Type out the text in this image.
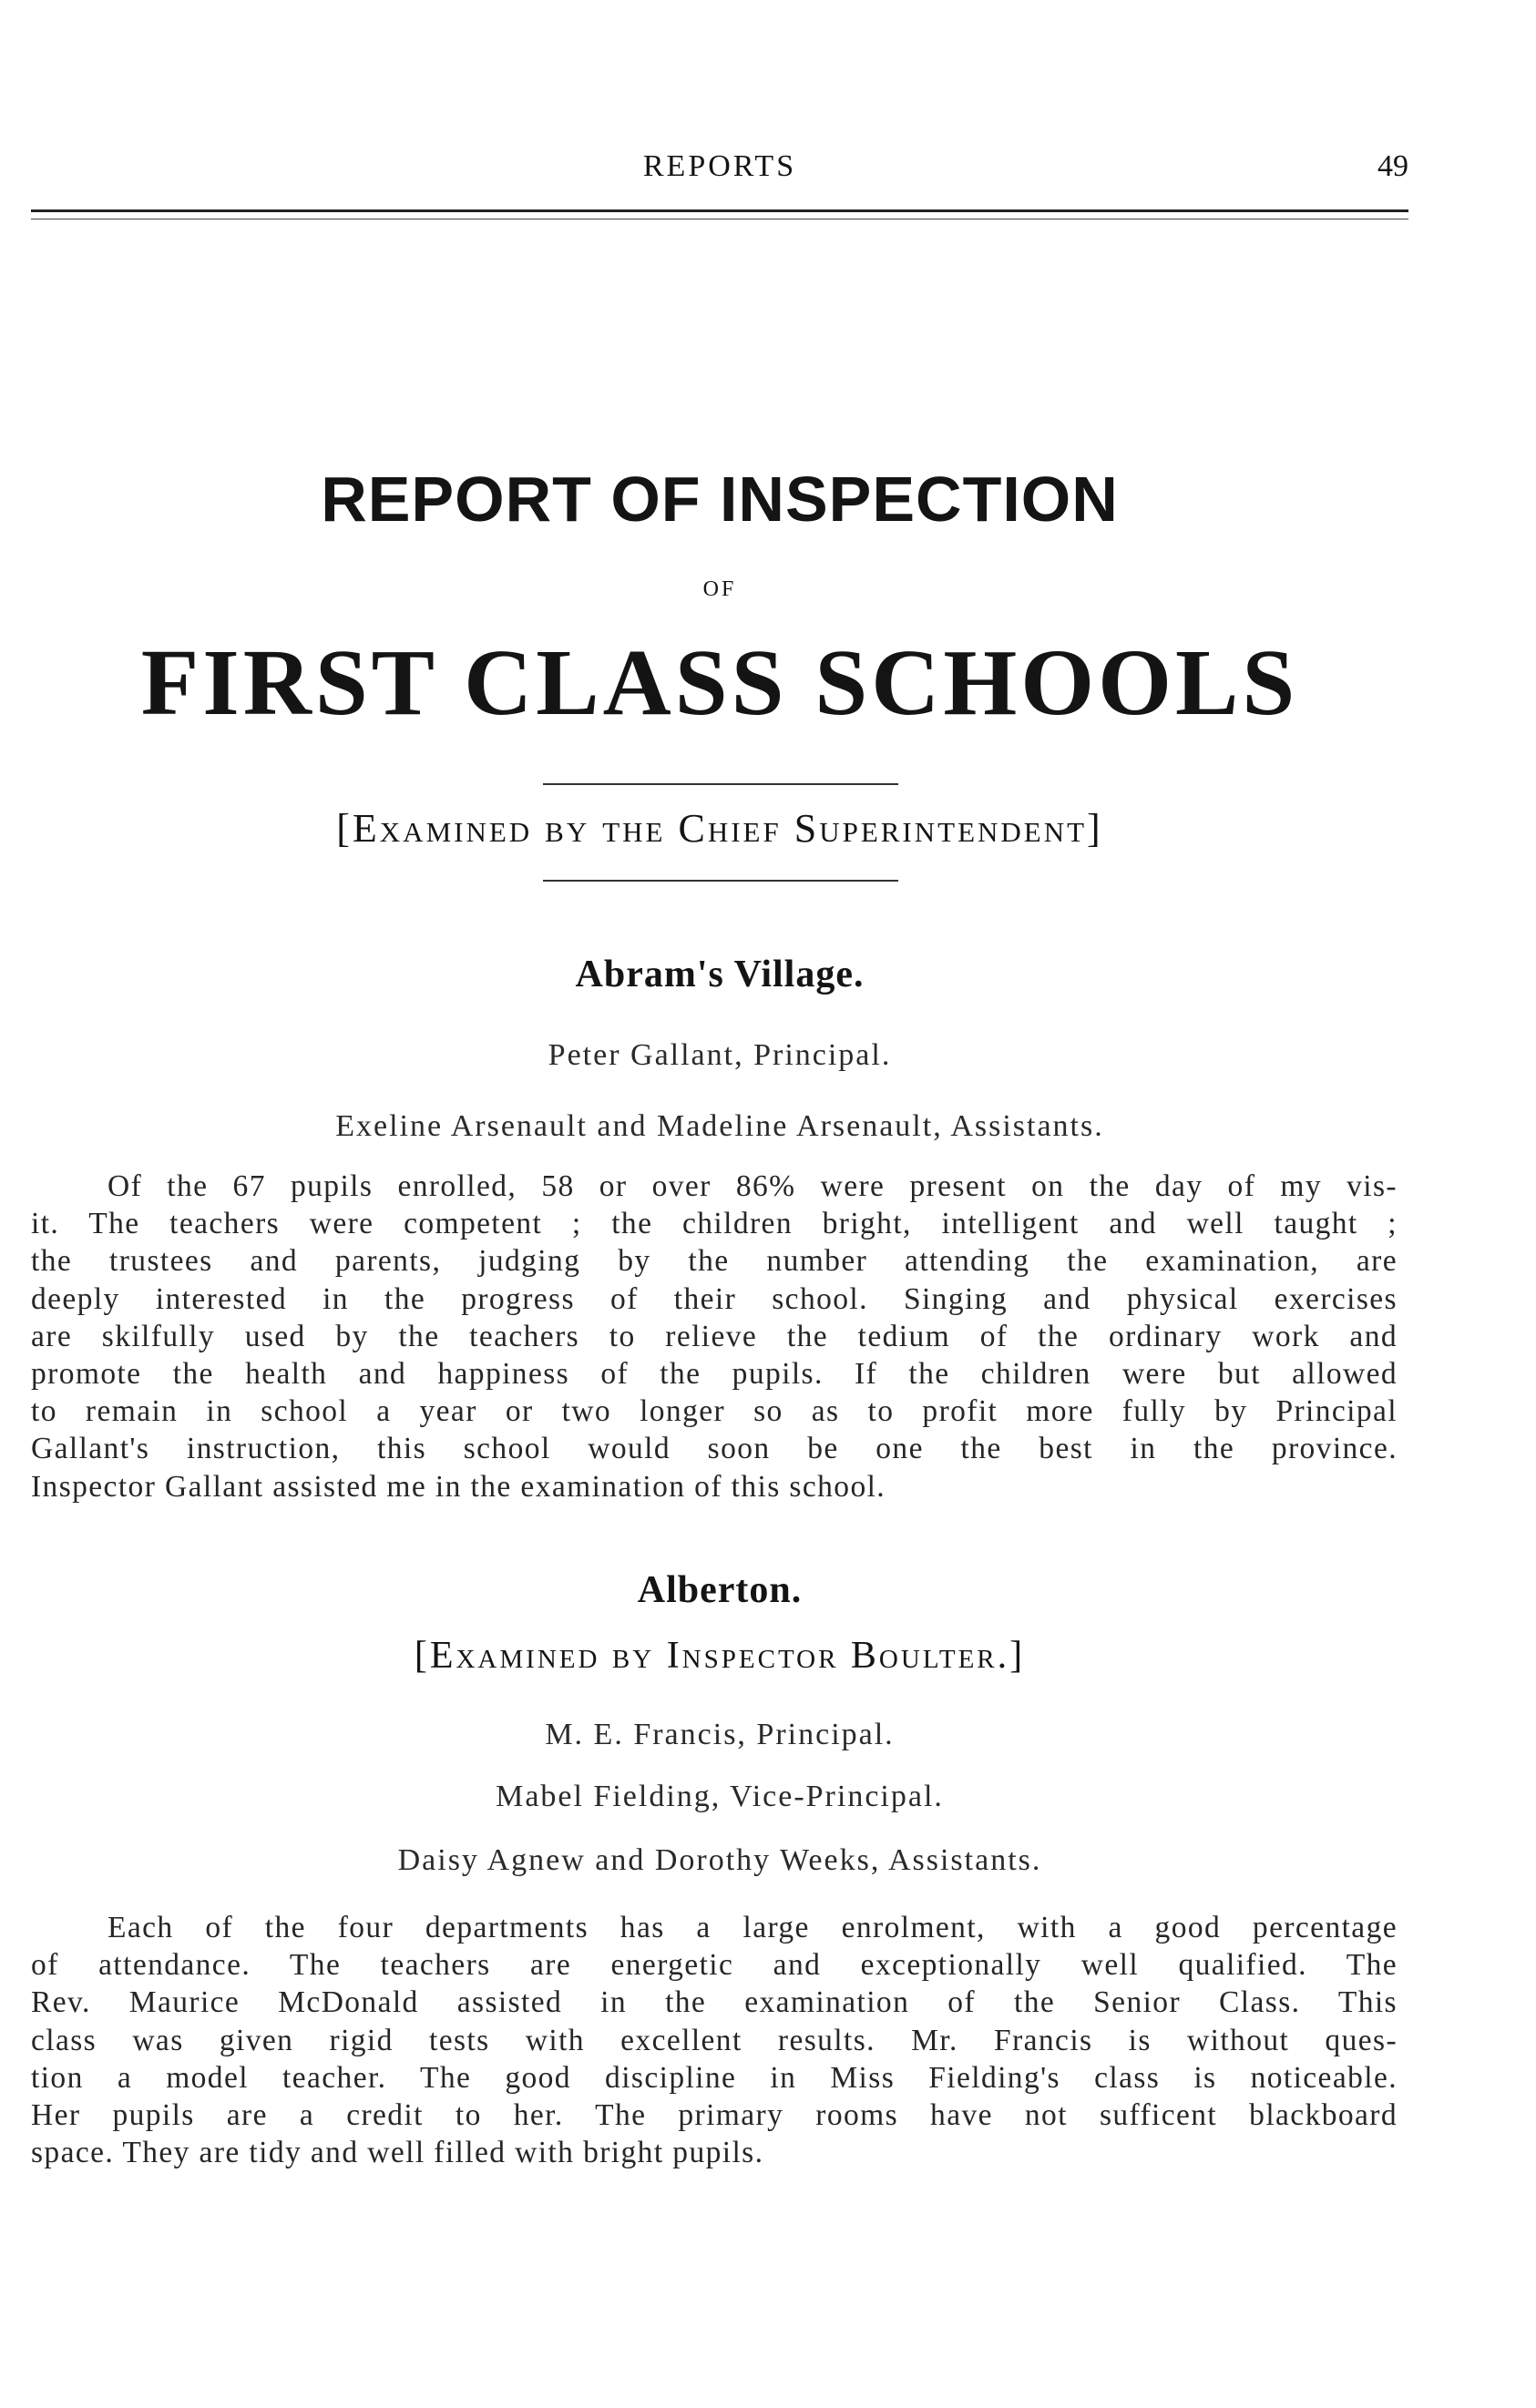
REPORTS	49
REPORT OF INSPECTION
OF
FIRST CLASS SCHOOLS
[Examined by the Chief Superintendent]
Abram's Village.
Peter Gallant, Principal.
Exeline Arsenault and Madeline Arsenault, Assistants.
Of the 67 pupils enrolled, 58 or over 86% were present on the day of my vis-
it. The teachers were competent ; the children bright, intelligent and well taught ;
the trustees and parents, judging by the number attending the examination, are
deeply interested in the progress of their school. Singing and physical exercises
are skilfully used by the teachers to relieve the tedium of the ordinary work and
promote the health and happiness of the pupils. If the children were but allowed
to remain in school a year or two longer so as to profit more fully by Principal
Gallant's instruction, this school would soon be one the best in the province.
Inspector Gallant assisted me in the examination of this school.
Alberton.
[Examined by Inspector Boulter.]
M. E. Francis, Principal.
Mabel Fielding, Vice-Principal.
Daisy Agnew and Dorothy Weeks, Assistants.
Each of the four departments has a large enrolment, with a good percentage
of attendance. The teachers are energetic and exceptionally well qualified. The
Rev. Maurice McDonald assisted in the examination of the Senior Class. This
class was given rigid tests with excellent results. Mr. Francis is without ques-
tion a model teacher. The good discipline in Miss Fielding's class is noticeable.
Her pupils are a credit to her. The primary rooms have not sufficent blackboard
space. They are tidy and well filled with bright pupils.
